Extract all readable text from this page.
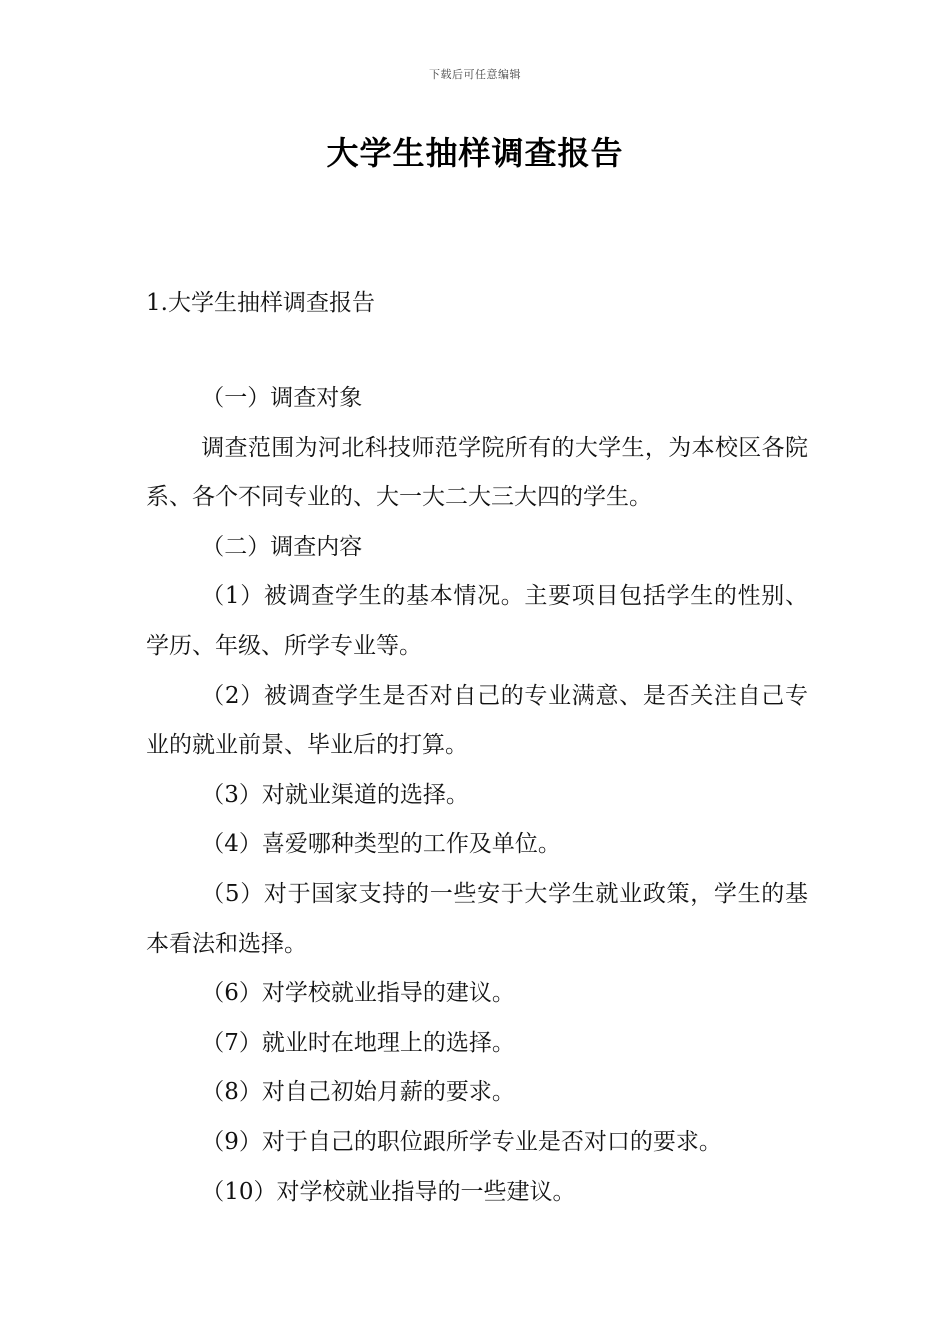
下载后可任意编辑
大学生抽样调查报告
1.大学生抽样调查报告

（一）调查对象

调查范围为河北科技师范学院所有的大学生，为本校区各院系、各个不同专业的、大一大二大三大四的学生。

（二）调查内容

（1）被调查学生的基本情况。主要项目包括学生的性别、学历、年级、所学专业等。

（2）被调查学生是否对自己的专业满意、是否关注自己专业的就业前景、毕业后的打算。

（3）对就业渠道的选择。

（4）喜爱哪种类型的工作及单位。

（5）对于国家支持的一些安于大学生就业政策，学生的基本看法和选择。

（6）对学校就业指导的建议。

（7）就业时在地理上的选择。

（8）对自己初始月薪的要求。

（9）对于自己的职位跟所学专业是否对口的要求。

（10）对学校就业指导的一些建议。
